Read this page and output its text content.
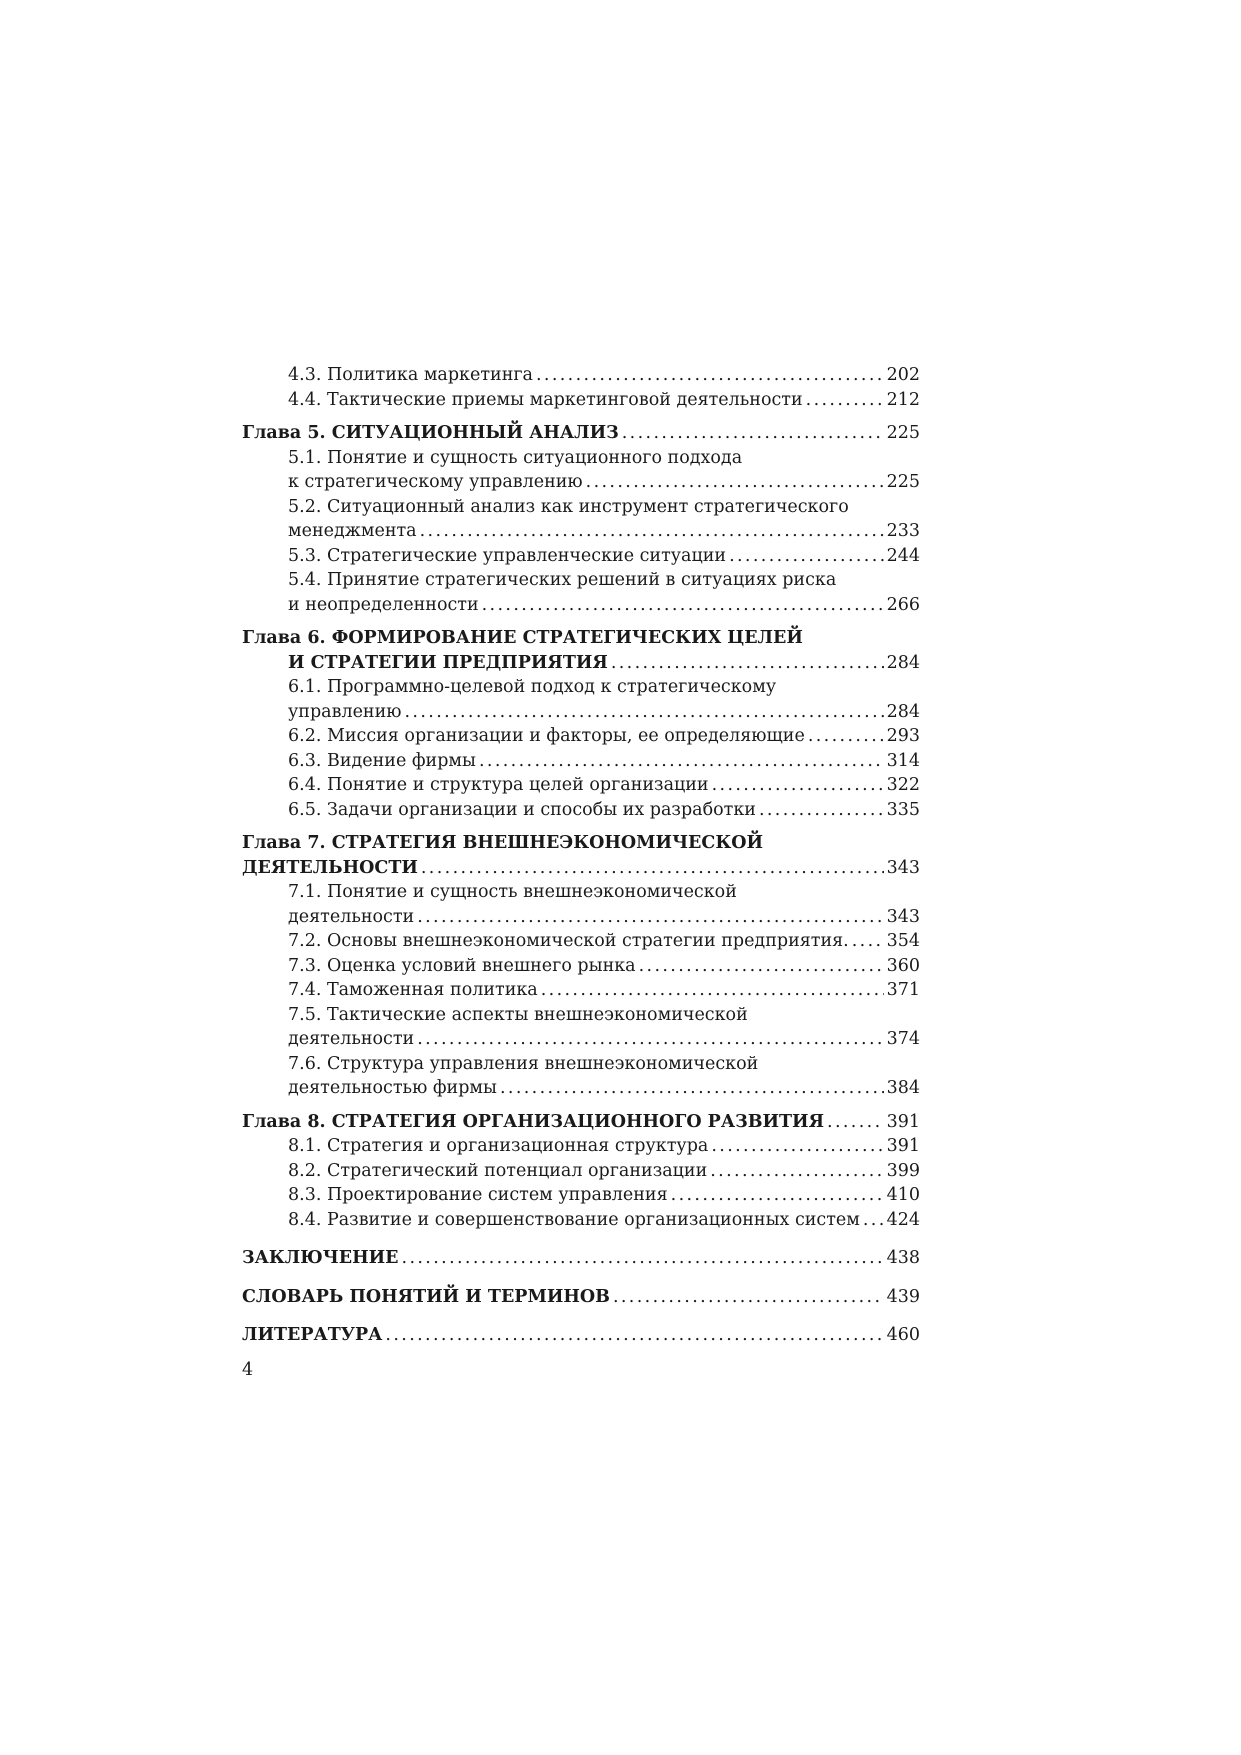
4.3. Политика маркетинга . . .	202
4.4. Тактические приемы маркетинговой деятельности . . .	212
Глава 5. СИТУАЦИОННЫЙ АНАЛИЗ . . .	225
5.1. Понятие и сущность ситуационного подхода
к стратегическому управлению . . .	225
5.2. Ситуационный анализ как инструмент стратегического
менеджмента . . .	233
5.3. Стратегические управленческие ситуации . . .	244
5.4. Принятие стратегических решений в ситуациях риска
и неопределенности . . .	266
Глава 6. ФОРМИРОВАНИЕ СТРАТЕГИЧЕСКИХ ЦЕЛЕЙ
И СТРАТЕГИИ ПРЕДПРИЯТИЯ . . .	284
6.1. Программно-целевой подход к стратегическому
управлению . . .	284
6.2. Миссия организации и факторы, ее определяющие . . .	293
6.3. Видение фирмы . . .	314
6.4. Понятие и структура целей организации . . .	322
6.5. Задачи организации и способы их разработки . . .	335
Глава 7. СТРАТЕГИЯ ВНЕШНЕЭКОНОМИЧЕСКОЙ
ДЕЯТЕЛЬНОСТИ . . .	343
7.1. Понятие и сущность внешнеэкономической
деятельности . . .	343
7.2. Основы внешнеэкономической стратегии предприятия. . . . 354
7.3. Оценка условий внешнего рынка . . .	360
7.4. Таможенная политика . . .	371
7.5. Тактические аспекты внешнеэкономической
деятельности . . .	374
7.6. Структура управления внешнеэкономической
деятельностью фирмы . . .	384
Глава 8. СТРАТЕГИЯ ОРГАНИЗАЦИОННОГО РАЗВИТИЯ . . .	391
8.1. Стратегия и организационная структура . . .	391
8.2. Стратегический потенциал организации . . .	399
8.3. Проектирование систем управления . . .	410
8.4. Развитие и совершенствование организационных систем . . . 424
ЗАКЛЮЧЕНИЕ . . .	438
СЛОВАРЬ ПОНЯТИЙ И ТЕРМИНОВ . . .	439
ЛИТЕРАТУРА . . .	460
4
